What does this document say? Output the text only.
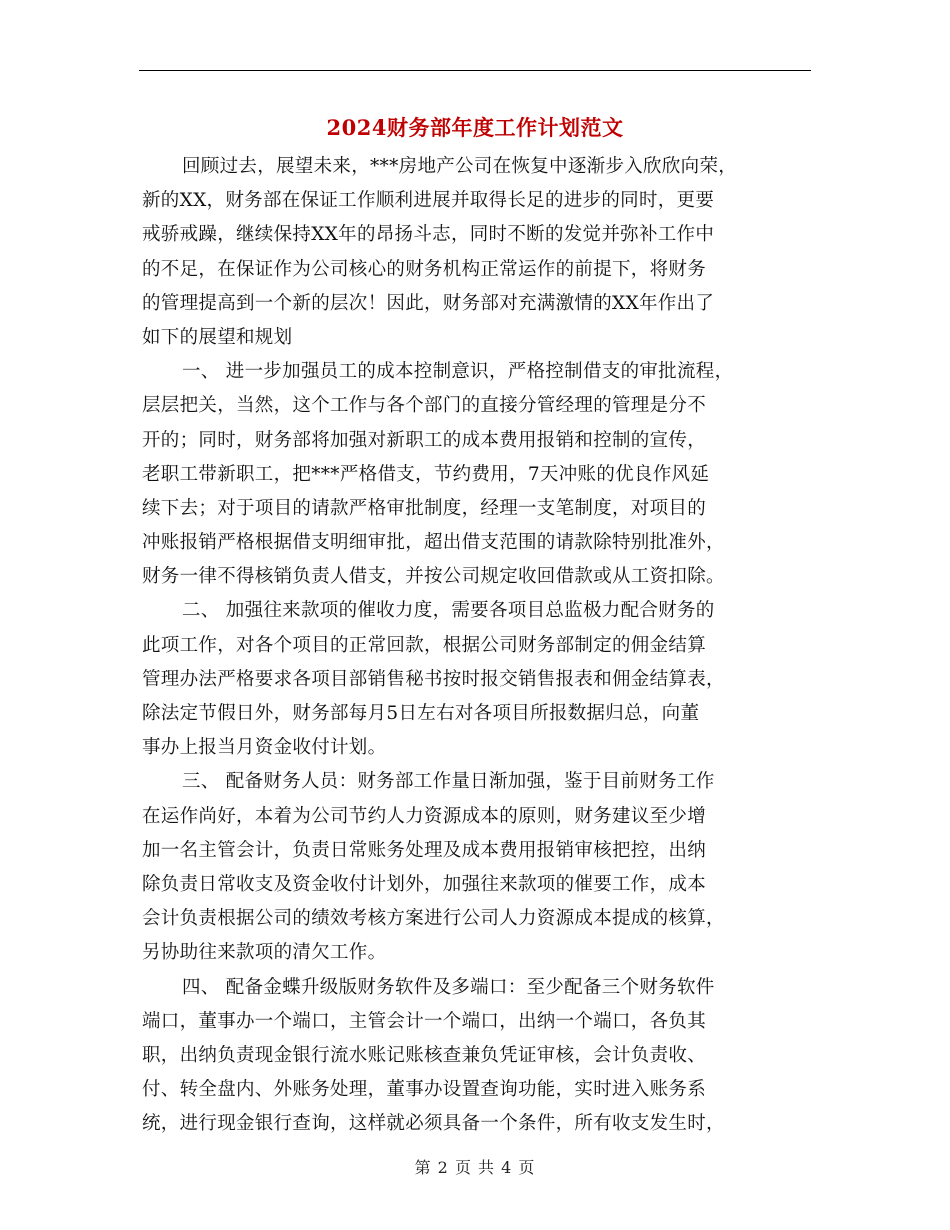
2024财务部年度工作计划范文
回顾过去，展望未来，***房地产公司在恢复中逐渐步入欣欣向荣，
新的XX，财务部在保证工作顺利进展并取得长足的进步的同时，更要
戒骄戒躁，继续保持XX年的昂扬斗志，同时不断的发觉并弥补工作中
的不足，在保证作为公司核心的财务机构正常运作的前提下，将财务
的管理提高到一个新的层次！因此，财务部对充满激情的XX年作出了
如下的展望和规划
一、 进一步加强员工的成本控制意识，严格控制借支的审批流程，
层层把关，当然，这个工作与各个部门的直接分管经理的管理是分不
开的；同时，财务部将加强对新职工的成本费用报销和控制的宣传，
老职工带新职工，把***严格借支，节约费用，7天冲账的优良作风延
续下去；对于项目的请款严格审批制度，经理一支笔制度，对项目的
冲账报销严格根据借支明细审批，超出借支范围的请款除特别批准外，
财务一律不得核销负责人借支，并按公司规定收回借款或从工资扣除。
二、 加强往来款项的催收力度，需要各项目总监极力配合财务的
此项工作，对各个项目的正常回款，根据公司财务部制定的佣金结算
管理办法严格要求各项目部销售秘书按时报交销售报表和佣金结算表，
除法定节假日外，财务部每月5日左右对各项目所报数据归总，向董
事办上报当月资金收付计划。
三、 配备财务人员：财务部工作量日渐加强，鉴于目前财务工作
在运作尚好，本着为公司节约人力资源成本的原则，财务建议至少增
加一名主管会计，负责日常账务处理及成本费用报销审核把控，出纳
除负责日常收支及资金收付计划外，加强往来款项的催要工作，成本
会计负责根据公司的绩效考核方案进行公司人力资源成本提成的核算，
另协助往来款项的清欠工作。
四、 配备金蝶升级版财务软件及多端口：至少配备三个财务软件
端口，董事办一个端口，主管会计一个端口，出纳一个端口，各负其
职，出纳负责现金银行流水账记账核查兼负凭证审核，会计负责收、
付、转全盘内、外账务处理，董事办设置查询功能，实时进入账务系
统，进行现金银行查询，这样就必须具备一个条件，所有收支发生时，
第 2 页 共 4 页
